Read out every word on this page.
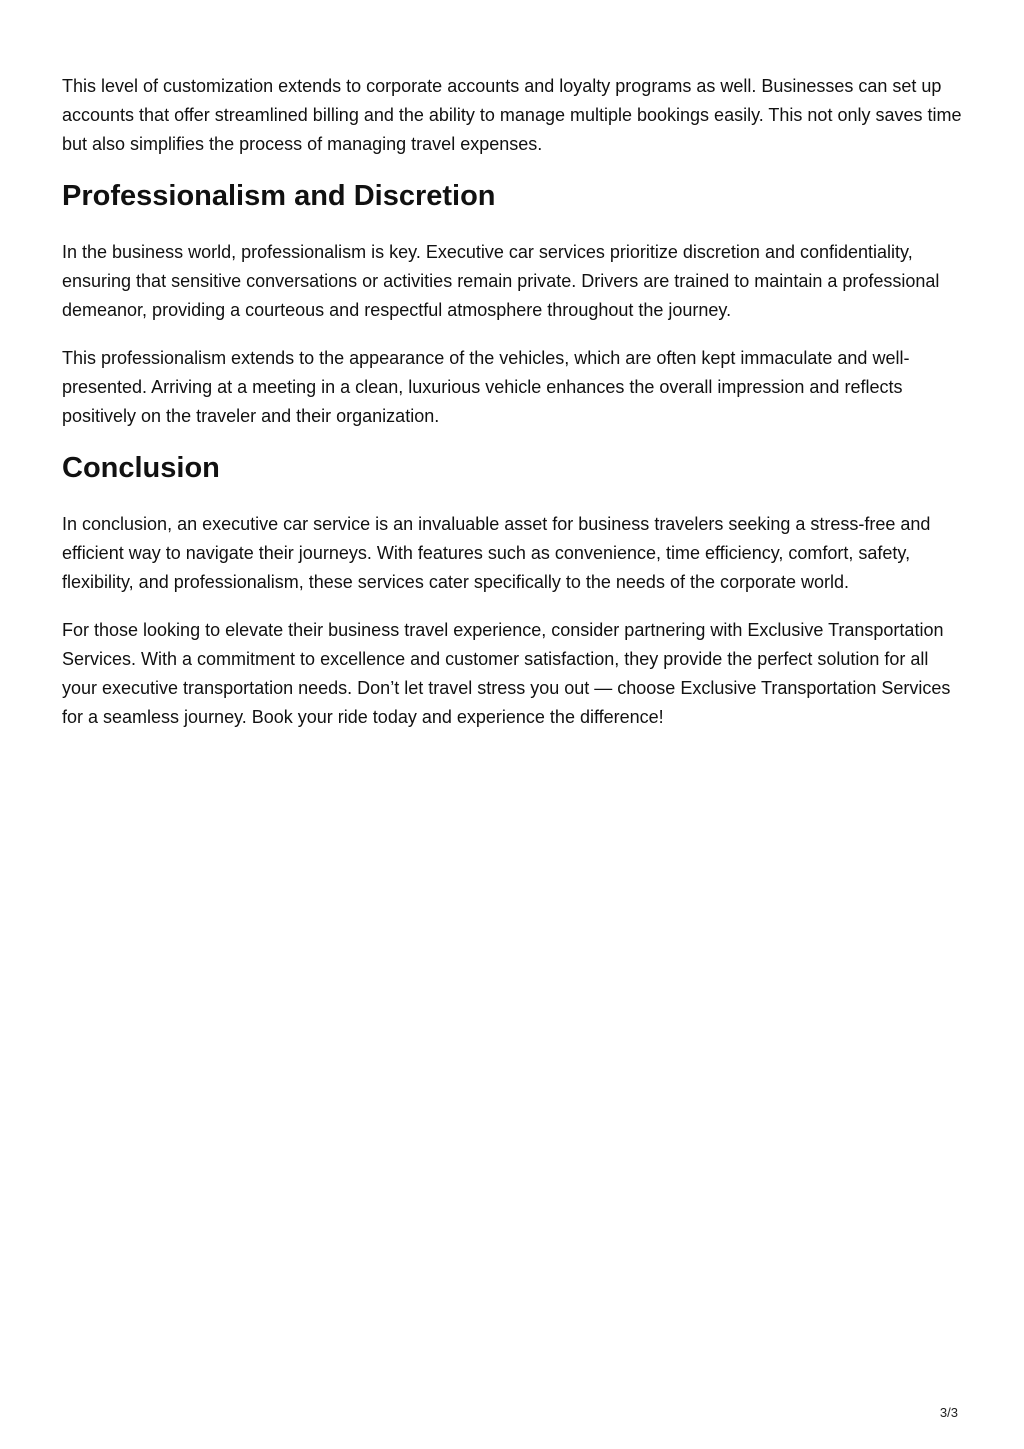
This level of customization extends to corporate accounts and loyalty programs as well. Businesses can set up accounts that offer streamlined billing and the ability to manage multiple bookings easily. This not only saves time but also simplifies the process of managing travel expenses.

Professionalism and Discretion

In the business world, professionalism is key. Executive car services prioritize discretion and confidentiality, ensuring that sensitive conversations or activities remain private. Drivers are trained to maintain a professional demeanor, providing a courteous and respectful atmosphere throughout the journey.

This professionalism extends to the appearance of the vehicles, which are often kept immaculate and well-presented. Arriving at a meeting in a clean, luxurious vehicle enhances the overall impression and reflects positively on the traveler and their organization.

Conclusion

In conclusion, an executive car service is an invaluable asset for business travelers seeking a stress-free and efficient way to navigate their journeys. With features such as convenience, time efficiency, comfort, safety, flexibility, and professionalism, these services cater specifically to the needs of the corporate world.

For those looking to elevate their business travel experience, consider partnering with Exclusive Transportation Services. With a commitment to excellence and customer satisfaction, they provide the perfect solution for all your executive transportation needs. Don’t let travel stress you out — choose Exclusive Transportation Services for a seamless journey. Book your ride today and experience the difference!

3/3
